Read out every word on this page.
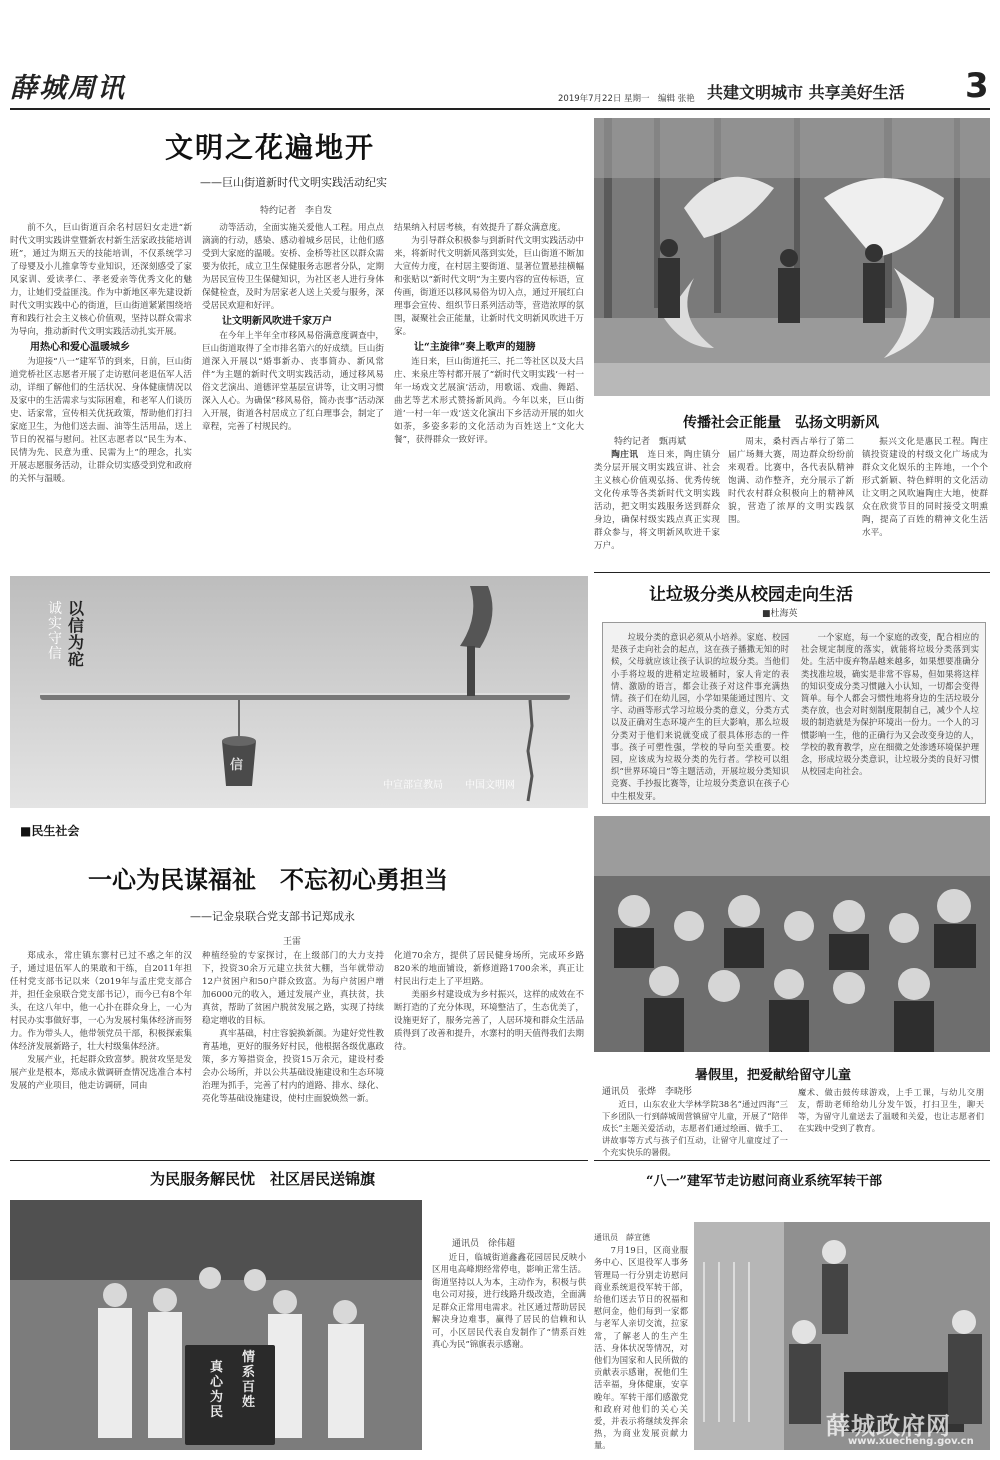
薛城周讯	2019年7月22日 星期一 编辑 张艳 共建文明城市 共享美好生活 3
文明之花遍地开
——巨山街道新时代文明实践活动纪实
特约记者　李自发

前不久，巨山街道百余名村居妇女走进“新时代文明实践讲堂暨新农村新生活家政技能培训班”，通过为期五天的技能培训，不仅系统学习了母婴及小儿推拿等专业知识，还深刻感受了家风家训、爱读孝仁、孝老爱亲等优秀文化的魅力，让她们受益匪浅。作为中新地区率先建设新时代文明实践中心的街道，巨山街道紧紧围绕培育和践行社会主义核心价值观，坚持以群众需求为导向，推动新时代文明实践活动扎实开展。

用热心和爱心温暖城乡

为迎接“八一”建军节的到来，日前，巨山街道党桥社区志愿者开展了走访慰问老退伍军人活动，详细了解他们的生活状况、身体健康情况以及家中的生活需求与实际困难，和老军人们谈历史、话家常，宣传相关优抚政策，帮助他们打扫家庭卫生，为他们送去面、油等生活用品，送上节日的祝福与慰问。社区志愿者以“民生为本、民情为先、民意为重、民需为上”的理念，扎实开展志愿服务活动，让群众切实感受到党和政府的关怀与温暖。

动等活动，全面实施关爱他人工程。用点点滴滴的行动，感染、感动着城乡居民，让他们感受到大家庭的温暖。安桥、金桥等社区以群众需要为依托，成立卫生保健服务志愿者分队，定期为居民宣传卫生保健知识，为社区老人进行身体保健检查，及时为居家老人送上关爱与服务，深受居民欢迎和好评。

让文明新风吹进千家万户

在今年上半年全市移风易俗满意度调查中，巨山街道取得了全市排名第六的好成绩。巨山街道深入开展以“婚事新办、丧事简办、新风常伴”为主题的新时代文明实践活动，通过移风易俗文艺演出、道德评堂基层宣讲等，让文明习惯深入人心。为确保“移风易俗，简办丧事”活动深入开展，街道各村居成立了红白理事会，制定了章程，完善了村规民约。

结果纳入村居考核，有效提升了群众满意度。

为引导群众积极参与到新时代文明实践活动中来，将新时代文明新风落到实处，巨山街道不断加大宣传力度，在村居主要街道、显著位置悬挂横幅和张贴以“新时代文明”为主要内容的宣传标语，宣传画，街道还以移风易俗为切入点，通过开展红白理事会宣传、组织节日系列活动等，营造浓厚的氛围，凝聚社会正能量，让新时代文明新风吹进千万家。

让“主旋律”奏上歌声的翅膀

连日来，巨山街道托三、托二等社区以及大吕庄、来泉庄等村都开展了“新时代文明实践‘一村一年一场戏文艺展演’活动，用歌谣、戏曲、舞蹈、曲艺等艺术形式赞扬新风尚。今年以来，巨山街道‘一村一年一戏’送文化演出下乡活动开展的如火如荼，多姿多彩的文化活动为百姓送上“文化大餐”，获得群众一致好评。

传播社会正能量　弘扬文明新风
特约记者　甄再斌

陶庄讯　 连日来，陶庄镇分类分层开展文明实践宣讲、社会主义核心价值观弘扬、优秀传统文化传承等各类新时代文明实践活动，把文明实践服务送到群众身边，确保村级实践点真正实现群众参与，将文明新风吹进千家万户。

周末，桑村西占举行了第二届广场舞大赛，周边群众纷纷前来观看。比赛中，各代表队精神饱满、动作整齐，充分展示了新时代农村群众积极向上的精神风貌，营造了浓厚的文明实践氛围。

振兴文化是惠民工程。陶庄镇投资建设的村级文化广场成为群众文化娱乐的主阵地，一个个形式新颖、特色鲜明的文化活动让文明之风吹遍陶庄大地，使群众在欣赏节目的同时接受文明熏陶，提高了百姓的精神文化生活水平。

以信为砣
诚实守信
信
中宣部宣教局 中国文明网
让垃圾分类从校园走向生活
■杜海英

垃圾分类的意识必须从小培养。家庭、校园是孩子走向社会的起点，这在孩子播撒无知的时候，父母就应该让孩子认识的垃圾分类。当他们小手将垃圾的进稍定垃圾桶时，家人肯定的表情、激励的语言，都会让孩子对这件事充满热情。孩子们在幼儿园，小学如果能通过图片、文字、动画等形式学习垃圾分类的意义，分类方式以及正确对生态环境产生的巨大影响，那么垃圾分类对于他们来说就变成了很具体形态的一件事。孩子可塑性强，学校的导向至关重要。校园，应该成为垃圾分类的先行者。学校可以组织“世界环境日”等主题活动，开展垃圾分类知识竞赛、手抄报比赛等，让垃圾分类意识在孩子心中生根发芽。

一个家庭，每一个家庭的改变，配合相应的社会规定制度的落实，就能将垃圾分类落到实处。生活中废弃物品越来越多，如果想要准确分类找准垃圾，确实是非常不容易，但如果将这样的知识变成分类习惯融入小认知，一切都会变得简单。每个人都会习惯性地将身边的生活垃圾分类存放，也会对时刻制度限制自己，减少个人垃圾的制造就是为保护环境出一份力。一个人的习惯影响一生，他的正确行为又会改变身边的人，学校的教育教学，应在细微之处渗透环境保护理念，形成垃圾分类意识，让垃圾分类的良好习惯从校园走向社会。

■民生社会
一心为民谋福祉　不忘初心勇担当
——记金泉联合党支部书记郑成永
王雷

郑成永，常庄镇东寨村已过不惑之年的汉子，通过退伍军人的果敢和干练，自2011年担任村党支部书记以来（2019年与孟庄党支部合并，担任金泉联合党支部书记），而今已有8个年头，在这八年中，他一心扑在群众身上，一心为村民办实事做好事，一心为发展村集体经济而努力。作为带头人，他带领党员干部，积极探索集体经济发展新路子，壮大村级集体经济。

发展产业，托起群众致富梦。脱贫攻坚是发展产业是根本，郑成永做调研查情况选准合本村发展的产业项目，他走访调研，同由

种植经验的专家探讨，在上级部门的大力支持下，投资30余万元建立扶贫大棚，当年就带动12户贫困户和50户群众致富。为每户贫困户增加6000元的收入，通过发展产业，真扶贫，扶真贫，帮助了贫困户脱贫发展之路，实现了持续稳定增收的目标。

真牢基础，村庄容貌换新颜。为建好党性教育基地，更好的服务好村民，他根据各级优惠政策，多方筹措资金，投资15万余元，建设村委会办公场所，并以公共基础设施建设和生态环境治理为抓手，完善了村内的道路、排水、绿化、亮化等基础设施建设，使村庄面貌焕然一新。

化道70余方，提供了居民健身场所，完成环乡路820米的地面铺设，新修道路1700余米，真正让村民出行走上了平坦路。

美丽乡村建设成为乡村振兴，这样的成效在不断打造的了充分体现，环境整洁了，生态优美了，设施更好了，服务完善了，人居环境和群众生活品质得到了改善和提升，水寨村的明天值得我们去期待。

暑假里，把爱献给留守儿童
通讯员　张烨　李晓彤

近日，山东农业大学林学院38名“通过四海”三下乡团队一行到薛城周营镇留守儿童，开展了“陪伴成长”主题关爱活动，志愿者们通过绘画、做手工、讲故事等方式与孩子们互动，让留守儿童度过了一个充实快乐的暑假。

魔术、做击鼓传球游戏，上手工课，与幼儿交朋友，帮助老师给幼儿分发午饭，打扫卫生，聊天等，为留守儿童送去了温暖和关爱，也让志愿者们在实践中受到了教育。

为民服务解民忧　社区居民送锦旗
情系百姓
真心为民
通讯员　徐伟超

近日，临城街道鑫鑫花园居民反映小区用电高峰期经常停电，影响正常生活。街道坚持以人为本，主动作为，积极与供电公司对接，进行线路升级改造，全面满足群众正常用电需求。社区通过帮助居民解决身边难事，赢得了居民的信赖和认可，小区居民代表自发制作了“情系百姓　真心为民”锦旗表示感谢。

“八一”建军节走访慰问商业系统军转干部
通讯员　薛宣德

7月19日，区商业服务中心、区退役军人事务管理局一行分别走访慰问商业系统退役军转干部，给他们送去节日的祝福和慰问金，他们每到一家都与老军人亲切交流，拉家常，了解老人的生产生活、身体状况等情况，对他们为国家和人民所做的贡献表示感谢，祝他们生活幸福，身体健康，安享晚年。军转干部们感激党和政府对他们的关心关爱，并表示将继续发挥余热，为商业发展贡献力量。

薛城政府网
www.xuecheng.gov.cn
